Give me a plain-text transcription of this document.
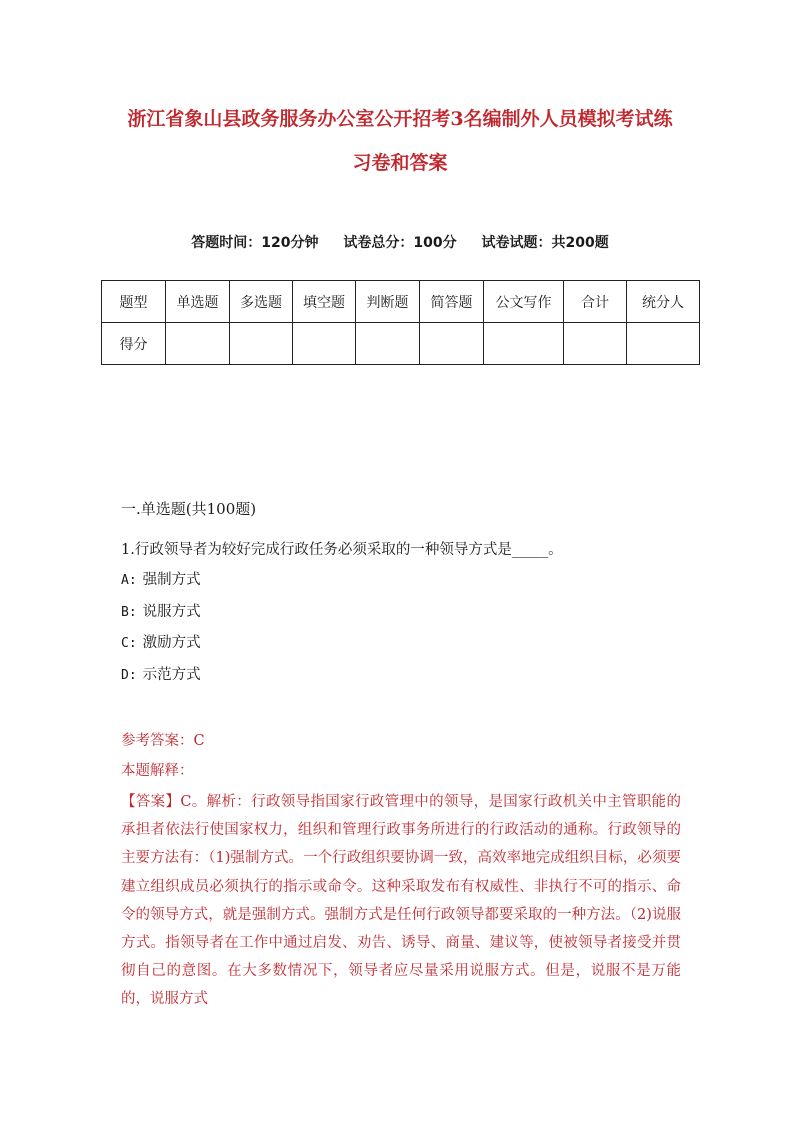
浙江省象山县政务服务办公室公开招考3名编制外人员模拟考试练
习卷和答案
答题时间：120分钟 试卷总分：100分 试卷试题：共200题
题型	单选题	多选题	填空题	判断题	简答题	公文写作	合计	统分人
得分								
一.单选题(共100题)
1.行政领导者为较好完成行政任务必须采取的一种领导方式是_____。
A: 强制方式
B: 说服方式
C: 激励方式
D: 示范方式
参考答案：C
本题解释：

【答案】C。解析：行政领导指国家行政管理中的领导，是国家行政机关中主管职能的承担者依法行使国家权力，组织和管理行政事务所进行的行政活动的通称。行政领导的主要方法有：（1)强制方式。一个行政组织要协调一致，高效率地完成组织目标，必须要建立组织成员必须执行的指示或命令。这种采取发布有权威性、非执行不可的指示、命令的领导方式，就是强制方式。强制方式是任何行政领导都要采取的一种方法。（2)说服方式。指领导者在工作中通过启发、劝告、诱导、商量、建议等，使被领导者接受并贯彻自己的意图。在大多数情况下，领导者应尽量采用说服方式。但是，说服不是万能的，说服方式
